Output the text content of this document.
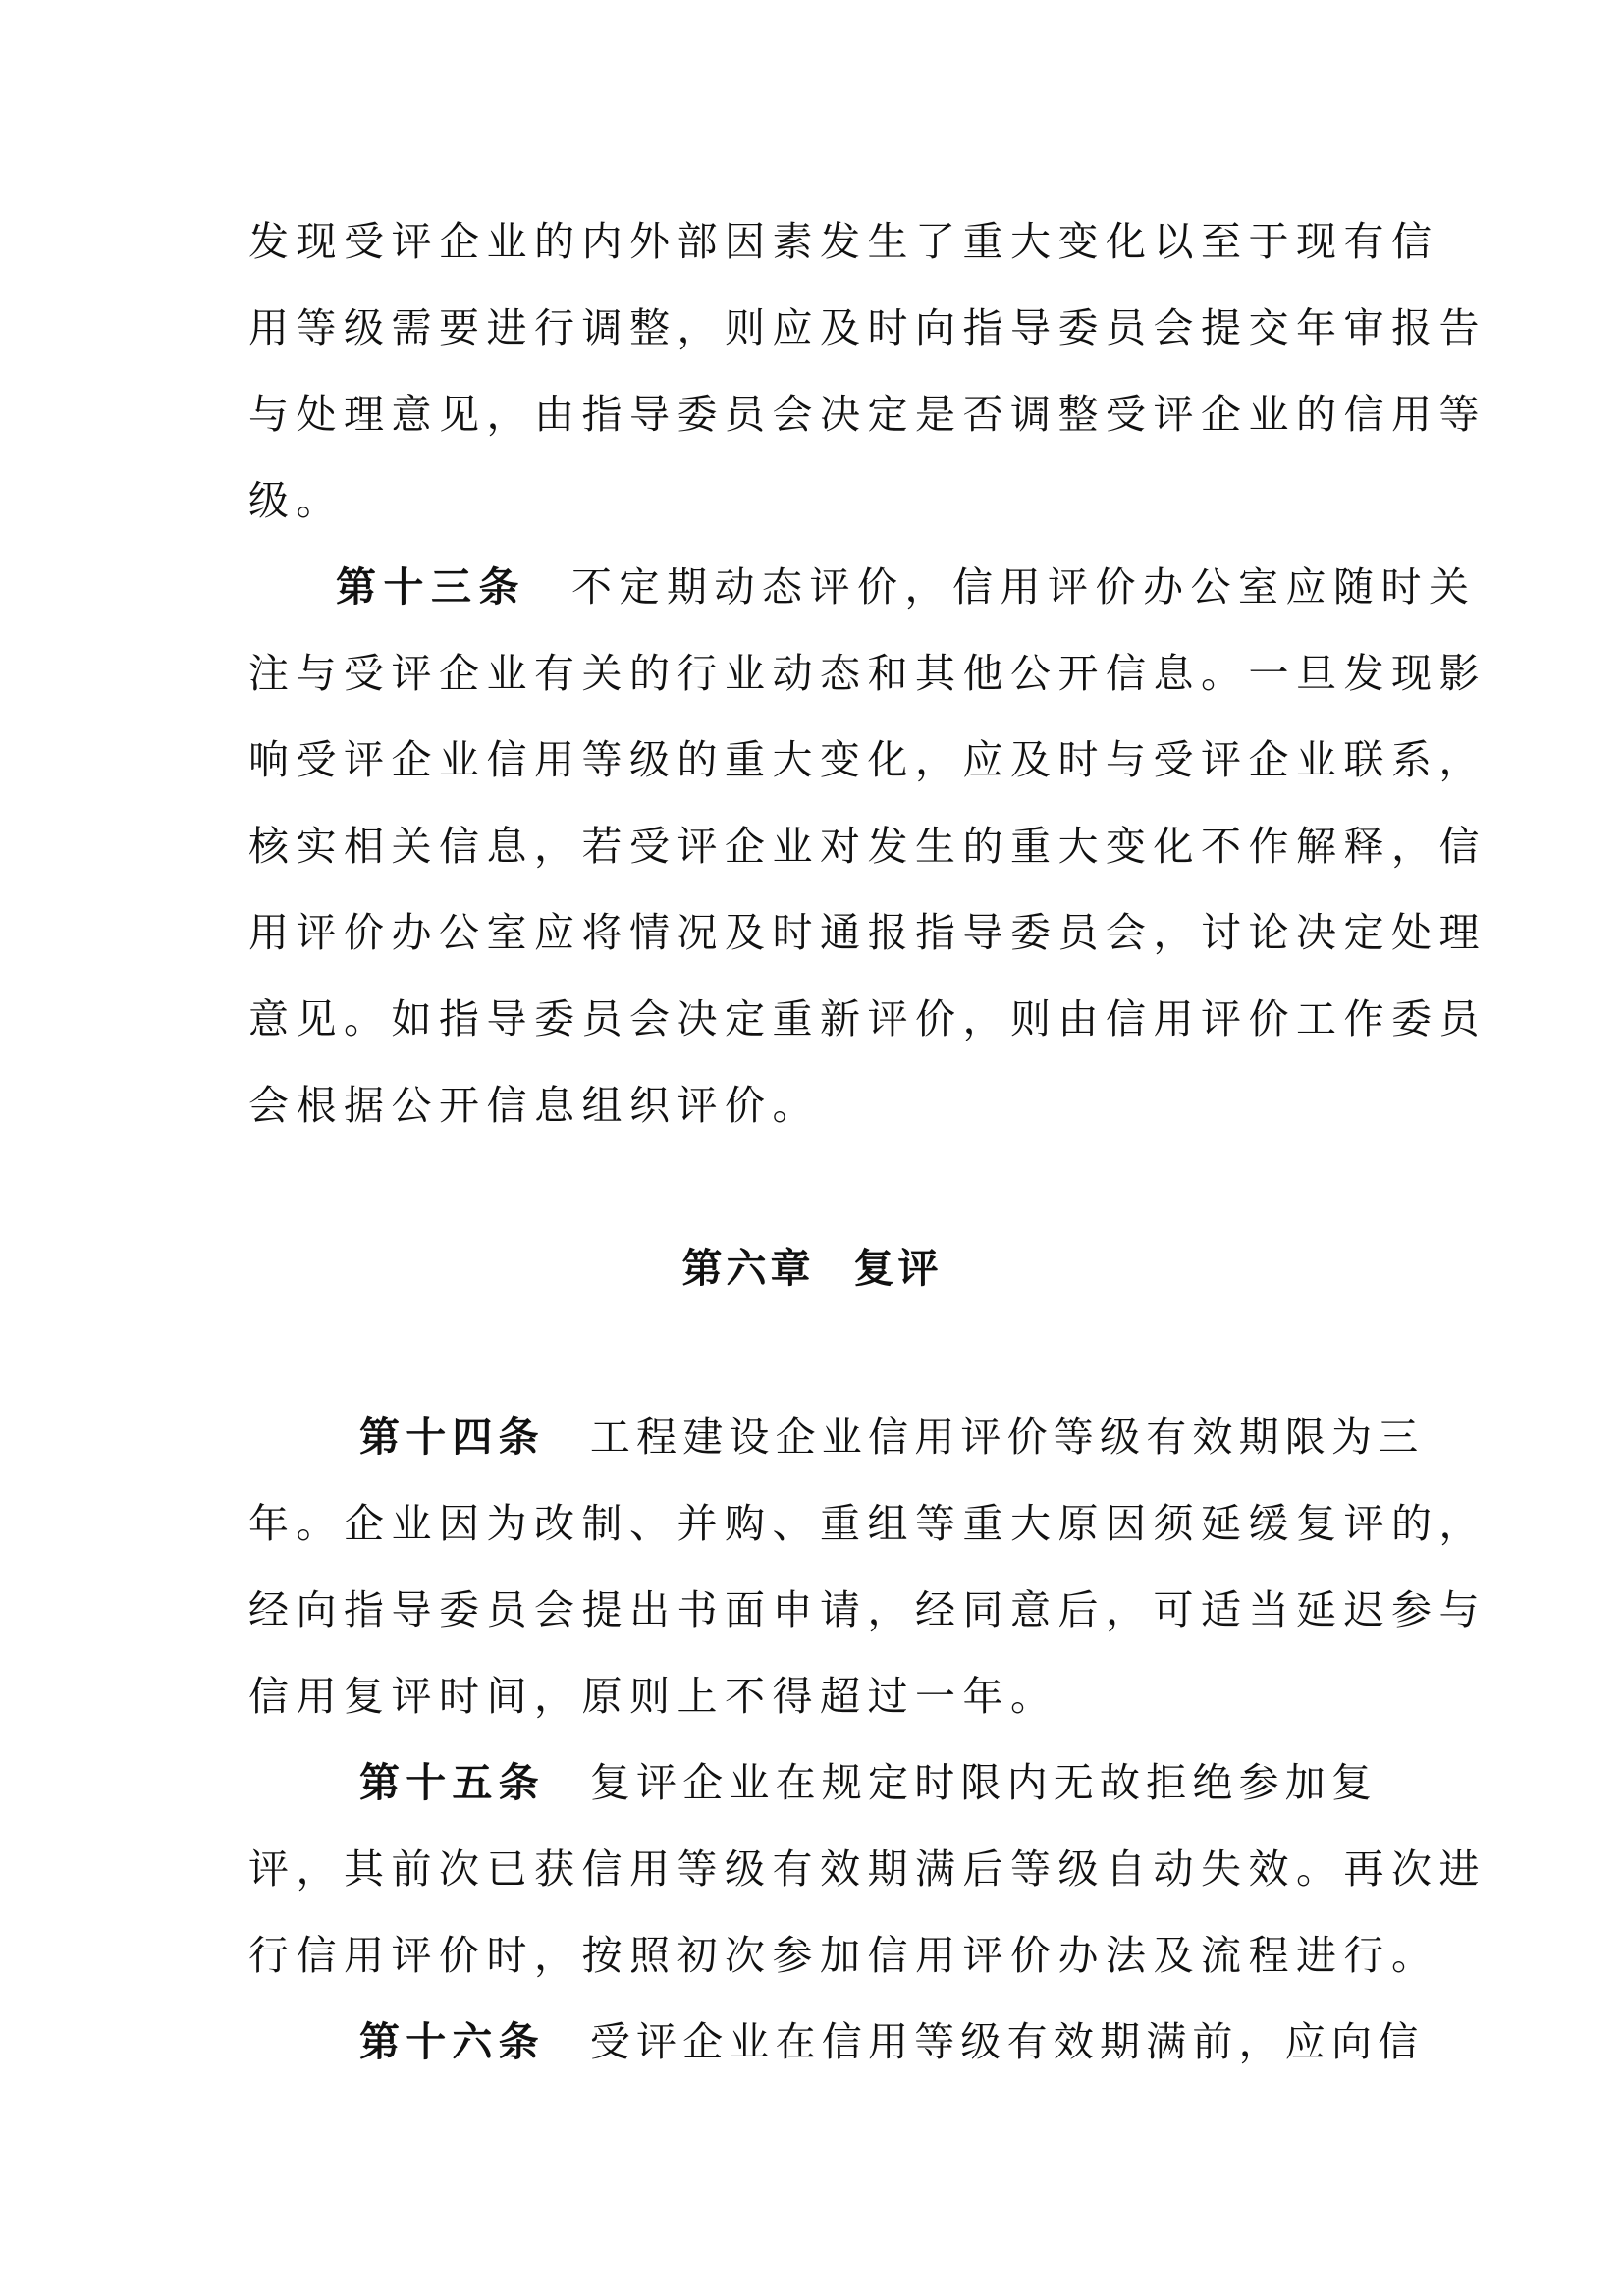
发现受评企业的内外部因素发生了重大变化以至于现有信
用等级需要进行调整，则应及时向指导委员会提交年审报告
与处理意见，由指导委员会决定是否调整受评企业的信用等
级。
第十三条 不定期动态评价，信用评价办公室应随时关
注与受评企业有关的行业动态和其他公开信息。一旦发现影
响受评企业信用等级的重大变化，应及时与受评企业联系，
核实相关信息，若受评企业对发生的重大变化不作解释，信
用评价办公室应将情况及时通报指导委员会，讨论决定处理
意见。如指导委员会决定重新评价，则由信用评价工作委员
会根据公开信息组织评价。
第六章 复评
第十四条 工程建设企业信用评价等级有效期限为三
年。企业因为改制、并购、重组等重大原因须延缓复评的，
经向指导委员会提出书面申请，经同意后，可适当延迟参与
信用复评时间，原则上不得超过一年。
第十五条 复评企业在规定时限内无故拒绝参加复
评，其前次已获信用等级有效期满后等级自动失效。再次进
行信用评价时，按照初次参加信用评价办法及流程进行。
第十六条 受评企业在信用等级有效期满前，应向信
